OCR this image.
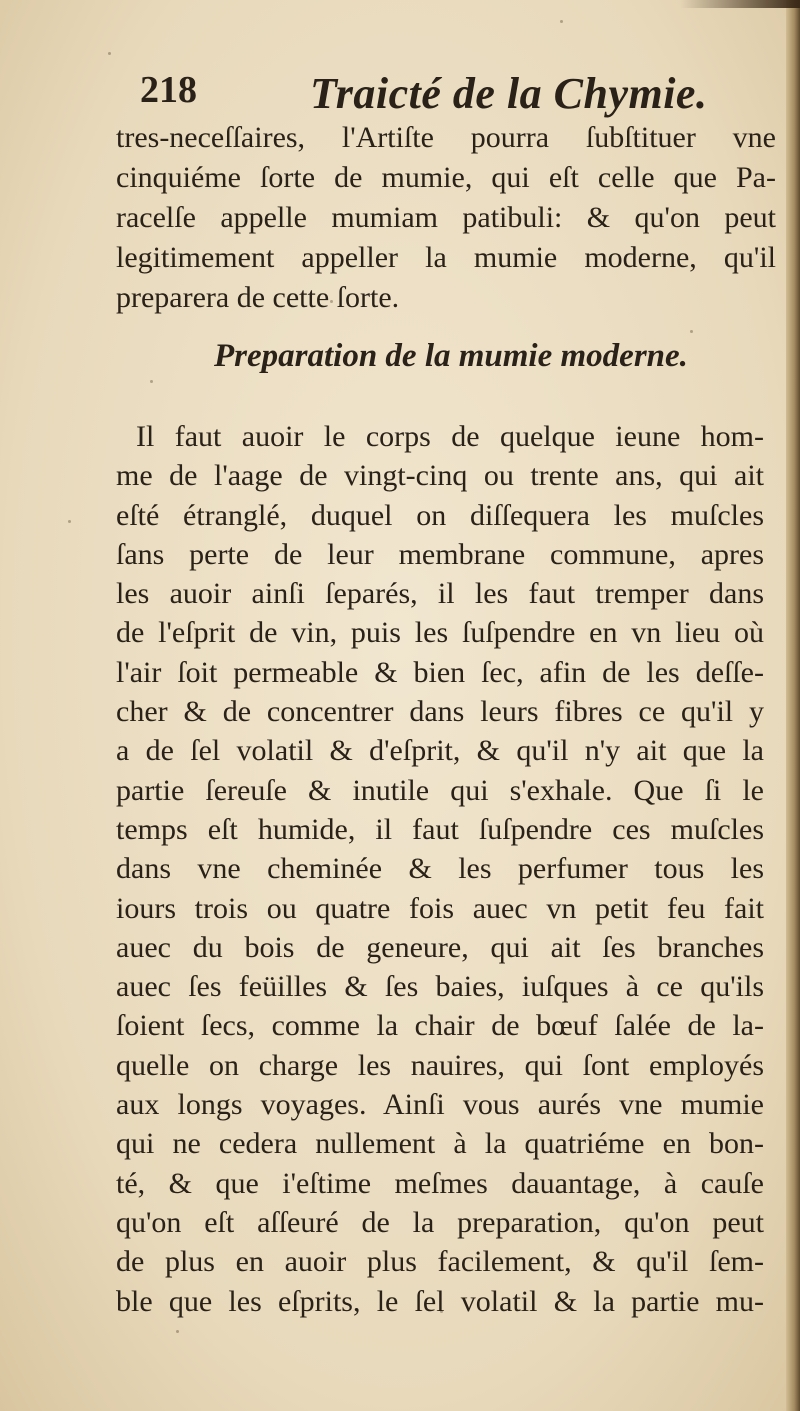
218	Traicté de la Chymie.
tres-neceſſaires, l'Artiſte pourra ſubſtituer vne
cinquiéme ſorte de mumie, qui eſt celle que Pa-
racelſe appelle mumiam patibuli: & qu'on peut
legitimement appeller la mumie moderne, qu'il
preparera de cette ſorte.
Preparation de la mumie moderne.
Il faut auoir le corps de quelque ieune hom-
me de l'aage de vingt-cinq ou trente ans, qui ait
eſté étranglé, duquel on diſſequera les muſcles
ſans perte de leur membrane commune, apres
les auoir ainſi ſeparés, il les faut tremper dans
de l'eſprit de vin, puis les ſuſpendre en vn lieu où
l'air ſoit permeable & bien ſec, afin de les deſſe-
cher & de concentrer dans leurs fibres ce qu'il y
a de ſel volatil & d'eſprit, & qu'il n'y ait que la
partie ſereuſe & inutile qui s'exhale. Que ſi le
temps eſt humide, il faut ſuſpendre ces muſcles
dans vne cheminée & les perfumer tous les
iours trois ou quatre fois auec vn petit feu fait
auec du bois de geneure, qui ait ſes branches
auec ſes feüilles & ſes baies, iuſques à ce qu'ils
ſoient ſecs, comme la chair de bœuf ſalée de la-
quelle on charge les nauires, qui ſont employés
aux longs voyages. Ainſi vous aurés vne mumie
qui ne cedera nullement à la quatriéme en bon-
té, & que i'eſtime meſmes dauantage, à cauſe
qu'on eſt aſſeuré de la preparation, qu'on peut
de plus en auoir plus facilement, & qu'il ſem-
ble que les eſprits, le ſel volatil & la partie mu-
